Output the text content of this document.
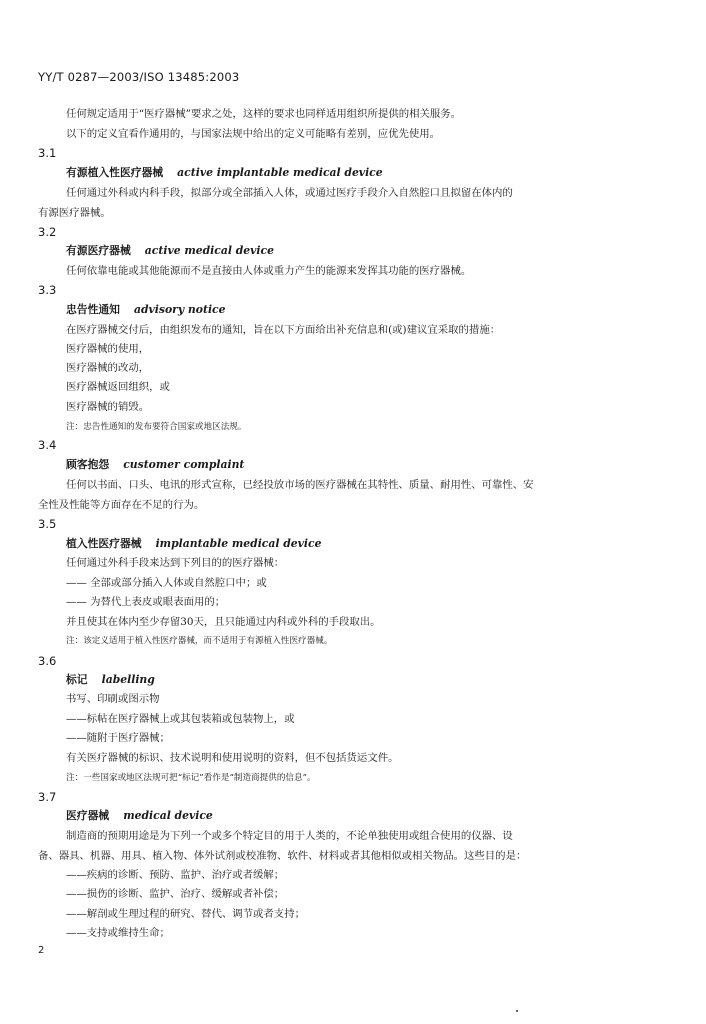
YY/T 0287—2003/ISO 13485:2003
任何规定适用于“医疗器械”要求之处，这样的要求也同样适用组织所提供的相关服务。
以下的定义宜看作通用的，与国家法规中给出的定义可能略有差别，应优先使用。
3.1
有源植入性医疗器械 active implantable medical device
任何通过外科或内科手段，拟部分或全部插入人体，或通过医疗手段介入自然腔口且拟留在体内的
有源医疗器械。
3.2
有源医疗器械 active medical device
任何依靠电能或其他能源而不是直接由人体或重力产生的能源来发挥其功能的医疗器械。
3.3
忠告性通知 advisory notice
在医疗器械交付后，由组织发布的通知，旨在以下方面给出补充信息和(或)建议宜采取的措施：
医疗器械的使用，
医疗器械的改动，
医疗器械返回组织，或
医疗器械的销毁。
注：忠告性通知的发布要符合国家或地区法规。
3.4
顾客抱怨 customer complaint
任何以书面、口头、电讯的形式宣称，已经投放市场的医疗器械在其特性、质量、耐用性、可靠性、安
全性及性能等方面存在不足的行为。
3.5
植入性医疗器械 implantable medical device
任何通过外科手段来达到下列目的的医疗器械：
—— 全部或部分插入人体或自然腔口中；或
—— 为替代上表皮或眼表面用的；
并且使其在体内至少存留30天，且只能通过内科或外科的手段取出。
注：该定义适用于植入性医疗器械，而不适用于有源植入性医疗器械。
3.6
标记 labelling
书写、印刷或图示物
——标帖在医疗器械上或其包装箱或包装物上，或
——随附于医疗器械；
有关医疗器械的标识、技术说明和使用说明的资料，但不包括货运文件。
注：一些国家或地区法规可把“标记”看作是“制造商提供的信息”。
3.7
医疗器械 medical device
制造商的预期用途是为下列一个或多个特定目的用于人类的，不论单独使用或组合使用的仪器、设
备、器具、机器、用具、植入物、体外试剂或校准物、软件、材料或者其他相似或相关物品。这些目的是：
——疾病的诊断、预防、监护、治疗或者缓解；
——损伤的诊断、监护、治疗、缓解或者补偿；
——解剖或生理过程的研究、替代、调节或者支持；
——支持或维持生命；
2
